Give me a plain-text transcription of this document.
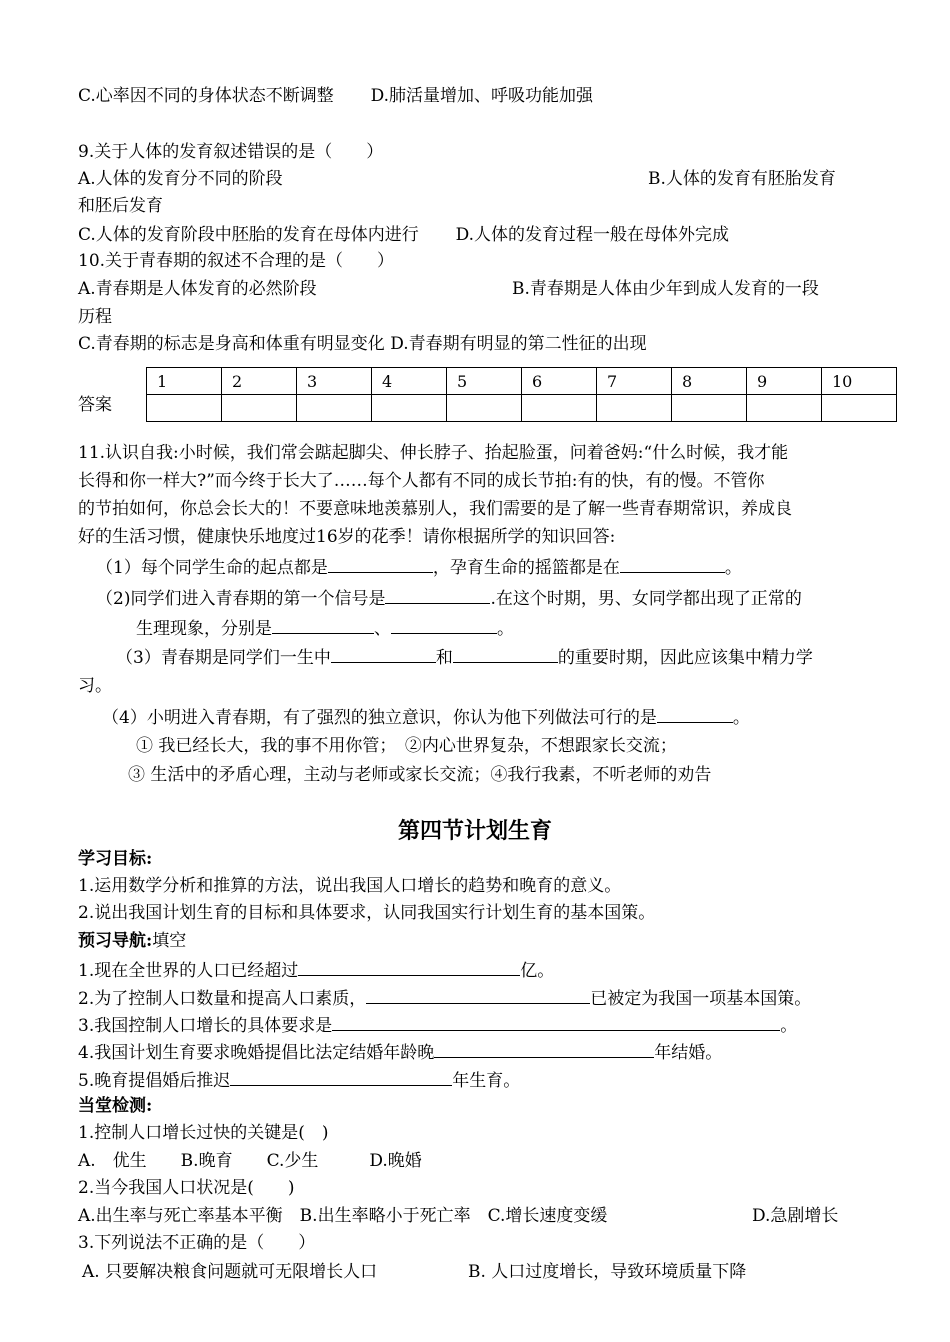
C.心率因不同的身体状态不断调整 D.肺活量增加、呼吸功能加强
9.关于人体的发育叙述错误的是（　　）
A.人体的发育分不同的阶段	B.人体的发育有胚胎发育
和胚后发育
C.人体的发育阶段中胚胎的发育在母体内进行 D.人体的发育过程一般在母体外完成
10.关于青春期的叙述不合理的是（　　）
A.青春期是人体发育的必然阶段	B.青春期是人体由少年到成人发育的一段
历程
C.青春期的标志是身高和体重有明显变化 D.青春期有明显的第二性征的出现
答案
1	2	3	4	5	6	7	8	9	10

11.认识自我:小时候，我们常会踮起脚尖、伸长脖子、抬起脸蛋，问着爸妈:“什么时候，我才能
长得和你一样大?”而今终于长大了……每个人都有不同的成长节拍:有的快，有的慢。不管你
的节拍如何，你总会长大的！不要意味地羡慕别人，我们需要的是了解一些青春期常识，养成良
好的生活习惯，健康快乐地度过16岁的花季！请你根据所学的知识回答:
（1）每个同学生命的起点都是	，孕育生命的摇篮都是在	。
（2)同学们进入青春期的第一个信号是	.在这个时期，男、女同学都出现了正常的
生理现象，分别是	、	。
（3）青春期是同学们一生中	和	的重要时期，因此应该集中精力学
习。
（4）小明进入青春期，有了强烈的独立意识，你认为他下列做法可行的是	。
① 我已经长大，我的事不用你管；　②内心世界复杂，不想跟家长交流；
③ 生活中的矛盾心理，主动与老师或家长交流；④我行我素，不听老师的劝告
第四节计划生育
学习目标:
1.运用数学分析和推算的方法，说出我国人口增长的趋势和晚育的意义。
2.说出我国计划生育的目标和具体要求，认同我国实行计划生育的基本国策。
预习导航:填空
1.现在全世界的人口已经超过	亿。
2.为了控制人口数量和提高人口素质，	已被定为我国一项基本国策。
3.我国控制人口增长的具体要求是	。
4.我国计划生育要求晚婚提倡比法定结婚年龄晚	年结婚。
5.晚育提倡婚后推迟	年生育。
当堂检测:
1.控制人口增长过快的关键是(　)
A.　优生　　B.晚育　　C.少生　　　D.晚婚
2.当今我国人口状况是(　　)
A.出生率与死亡率基本平衡　B.出生率略小于死亡率　C.增长速度变缓	D.急剧增长
3.下列说法不正确的是（　　）
A. 只要解决粮食问题就可无限增长人口	B. 人口过度增长，导致环境质量下降
